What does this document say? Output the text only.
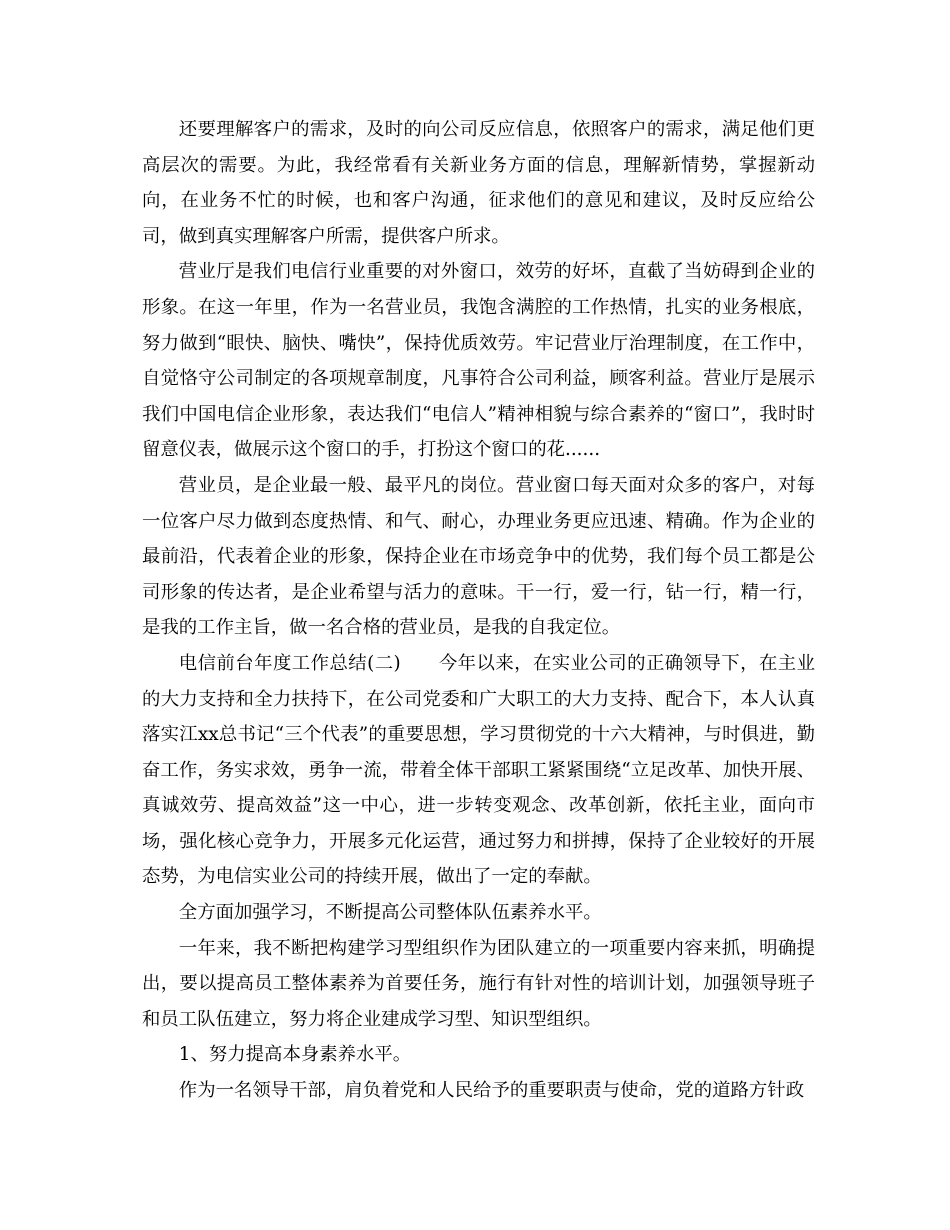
还要理解客户的需求，及时的向公司反应信息，依照客户的需求，满足他们更高层次的需要。为此，我经常看有关新业务方面的信息，理解新情势，掌握新动向，在业务不忙的时候，也和客户沟通，征求他们的意见和建议，及时反应给公司，做到真实理解客户所需，提供客户所求。

营业厅是我们电信行业重要的对外窗口，效劳的好坏，直截了当妨碍到企业的形象。在这一年里，作为一名营业员，我饱含满腔的工作热情，扎实的业务根底，努力做到“眼快、脑快、嘴快”，保持优质效劳。牢记营业厅治理制度，在工作中，自觉恪守公司制定的各项规章制度，凡事符合公司利益，顾客利益。营业厅是展示我们中国电信企业形象，表达我们“电信人”精神相貌与综合素养的“窗口”，我时时留意仪表，做展示这个窗口的手，打扮这个窗口的花......

营业员，是企业最一般、最平凡的岗位。营业窗口每天面对众多的客户，对每一位客户尽力做到态度热情、和气、耐心，办理业务更应迅速、精确。作为企业的最前沿，代表着企业的形象，保持企业在市场竞争中的优势，我们每个员工都是公司形象的传达者，是企业希望与活力的意味。干一行，爱一行，钻一行，精一行，是我的工作主旨，做一名合格的营业员，是我的自我定位。

电信前台年度工作总结(二)　　今年以来，在实业公司的正确领导下，在主业的大力支持和全力扶持下，在公司党委和广大职工的大力支持、配合下，本人认真落实江xx总书记“三个代表”的重要思想，学习贯彻党的十六大精神，与时俱进，勤奋工作，务实求效，勇争一流，带着全体干部职工紧紧围绕“立足改革、加快开展、真诚效劳、提高效益”这一中心，进一步转变观念、改革创新，依托主业，面向市场，强化核心竞争力，开展多元化运营，通过努力和拼搏，保持了企业较好的开展态势，为电信实业公司的持续开展，做出了一定的奉献。

全方面加强学习，不断提高公司整体队伍素养水平。

一年来，我不断把构建学习型组织作为团队建立的一项重要内容来抓，明确提出，要以提高员工整体素养为首要任务，施行有针对性的培训计划，加强领导班子和员工队伍建立，努力将企业建成学习型、知识型组织。

1、努力提高本身素养水平。

作为一名领导干部，肩负着党和人民给予的重要职责与使命，党的道路方针政
